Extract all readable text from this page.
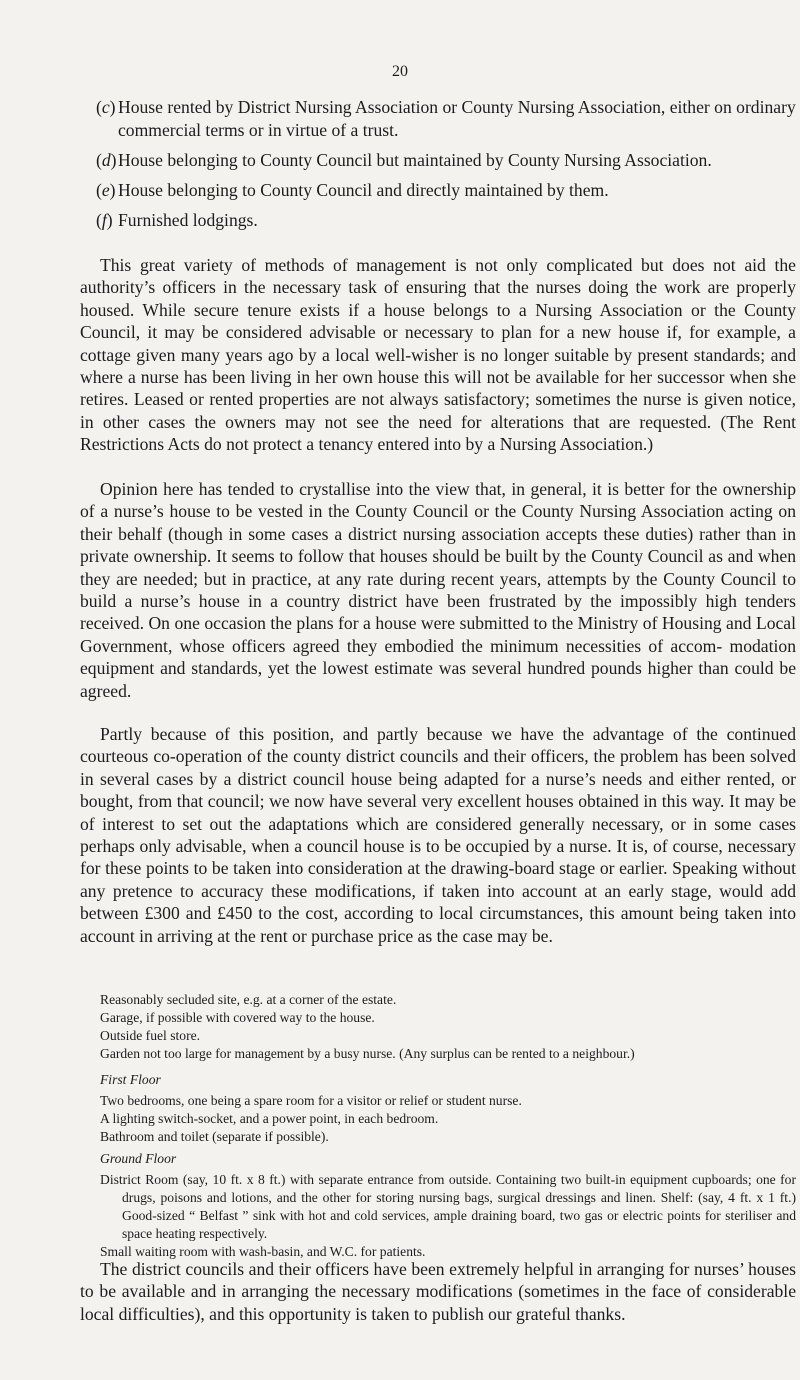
20
(c) House rented by District Nursing Association or County Nursing Association, either on ordinary commercial terms or in virtue of a trust.
(d) House belonging to County Council but maintained by County Nursing Association.
(e) House belonging to County Council and directly maintained by them.
(f) Furnished lodgings.

This great variety of methods of management is not only complicated but does not aid the authority’s officers in the necessary task of ensuring that the nurses doing the work are properly housed. While secure tenure exists if a house belongs to a Nursing Association or the County Council, it may be considered advisable or necessary to plan for a new house if, for example, a cottage given many years ago by a local well-wisher is no longer suitable by present standards; and where a nurse has been living in her own house this will not be available for her successor when she retires. Leased or rented properties are not always satisfactory; sometimes the nurse is given notice, in other cases the owners may not see the need for alterations that are requested. (The Rent Restrictions Acts do not protect a tenancy entered into by a Nursing Association.)

Opinion here has tended to crystallise into the view that, in general, it is better for the ownership of a nurse’s house to be vested in the County Council or the County Nursing Association acting on their behalf (though in some cases a district nursing association accepts these duties) rather than in private ownership. It seems to follow that houses should be built by the County Council as and when they are needed; but in practice, at any rate during recent years, attempts by the County Council to build a nurse’s house in a country district have been frustrated by the impossibly high tenders received. On one occasion the plans for a house were submitted to the Ministry of Housing and Local Government, whose officers agreed they embodied the minimum necessities of accom- modation equipment and standards, yet the lowest estimate was several hundred pounds higher than could be agreed.

Partly because of this position, and partly because we have the advantage of the continued courteous co-operation of the county district councils and their officers, the problem has been solved in several cases by a district council house being adapted for a nurse’s needs and either rented, or bought, from that council; we now have several very excellent houses obtained in this way. It may be of interest to set out the adaptations which are considered generally necessary, or in some cases perhaps only advisable, when a council house is to be occupied by a nurse. It is, of course, necessary for these points to be taken into consideration at the drawing-board stage or earlier. Speaking without any pretence to accuracy these modifications, if taken into account at an early stage, would add between £300 and £450 to the cost, according to local circumstances, this amount being taken into account in arriving at the rent or purchase price as the case may be.

Reasonably secluded site, e.g. at a corner of the estate.
Garage, if possible with covered way to the house.
Outside fuel store.
Garden not too large for management by a busy nurse. (Any surplus can be rented to a neighbour.)
First Floor
Two bedrooms, one being a spare room for a visitor or relief or student nurse.
A lighting switch-socket, and a power point, in each bedroom.
Bathroom and toilet (separate if possible).
Ground Floor
District Room (say, 10 ft. x 8 ft.) with separate entrance from outside. Containing two built-in equipment cupboards; one for drugs, poisons and lotions, and the other for storing nursing bags, surgical dressings and linen. Shelf: (say, 4 ft. x 1 ft.) Good-sized “ Belfast ” sink with hot and cold services, ample draining board, two gas or electric points for steriliser and space heating respectively.
Small waiting room with wash-basin, and W.C. for patients.

The district councils and their officers have been extremely helpful in arranging for nurses’ houses to be available and in arranging the necessary modifications (sometimes in the face of considerable local difficulties), and this opportunity is taken to publish our grateful thanks.
